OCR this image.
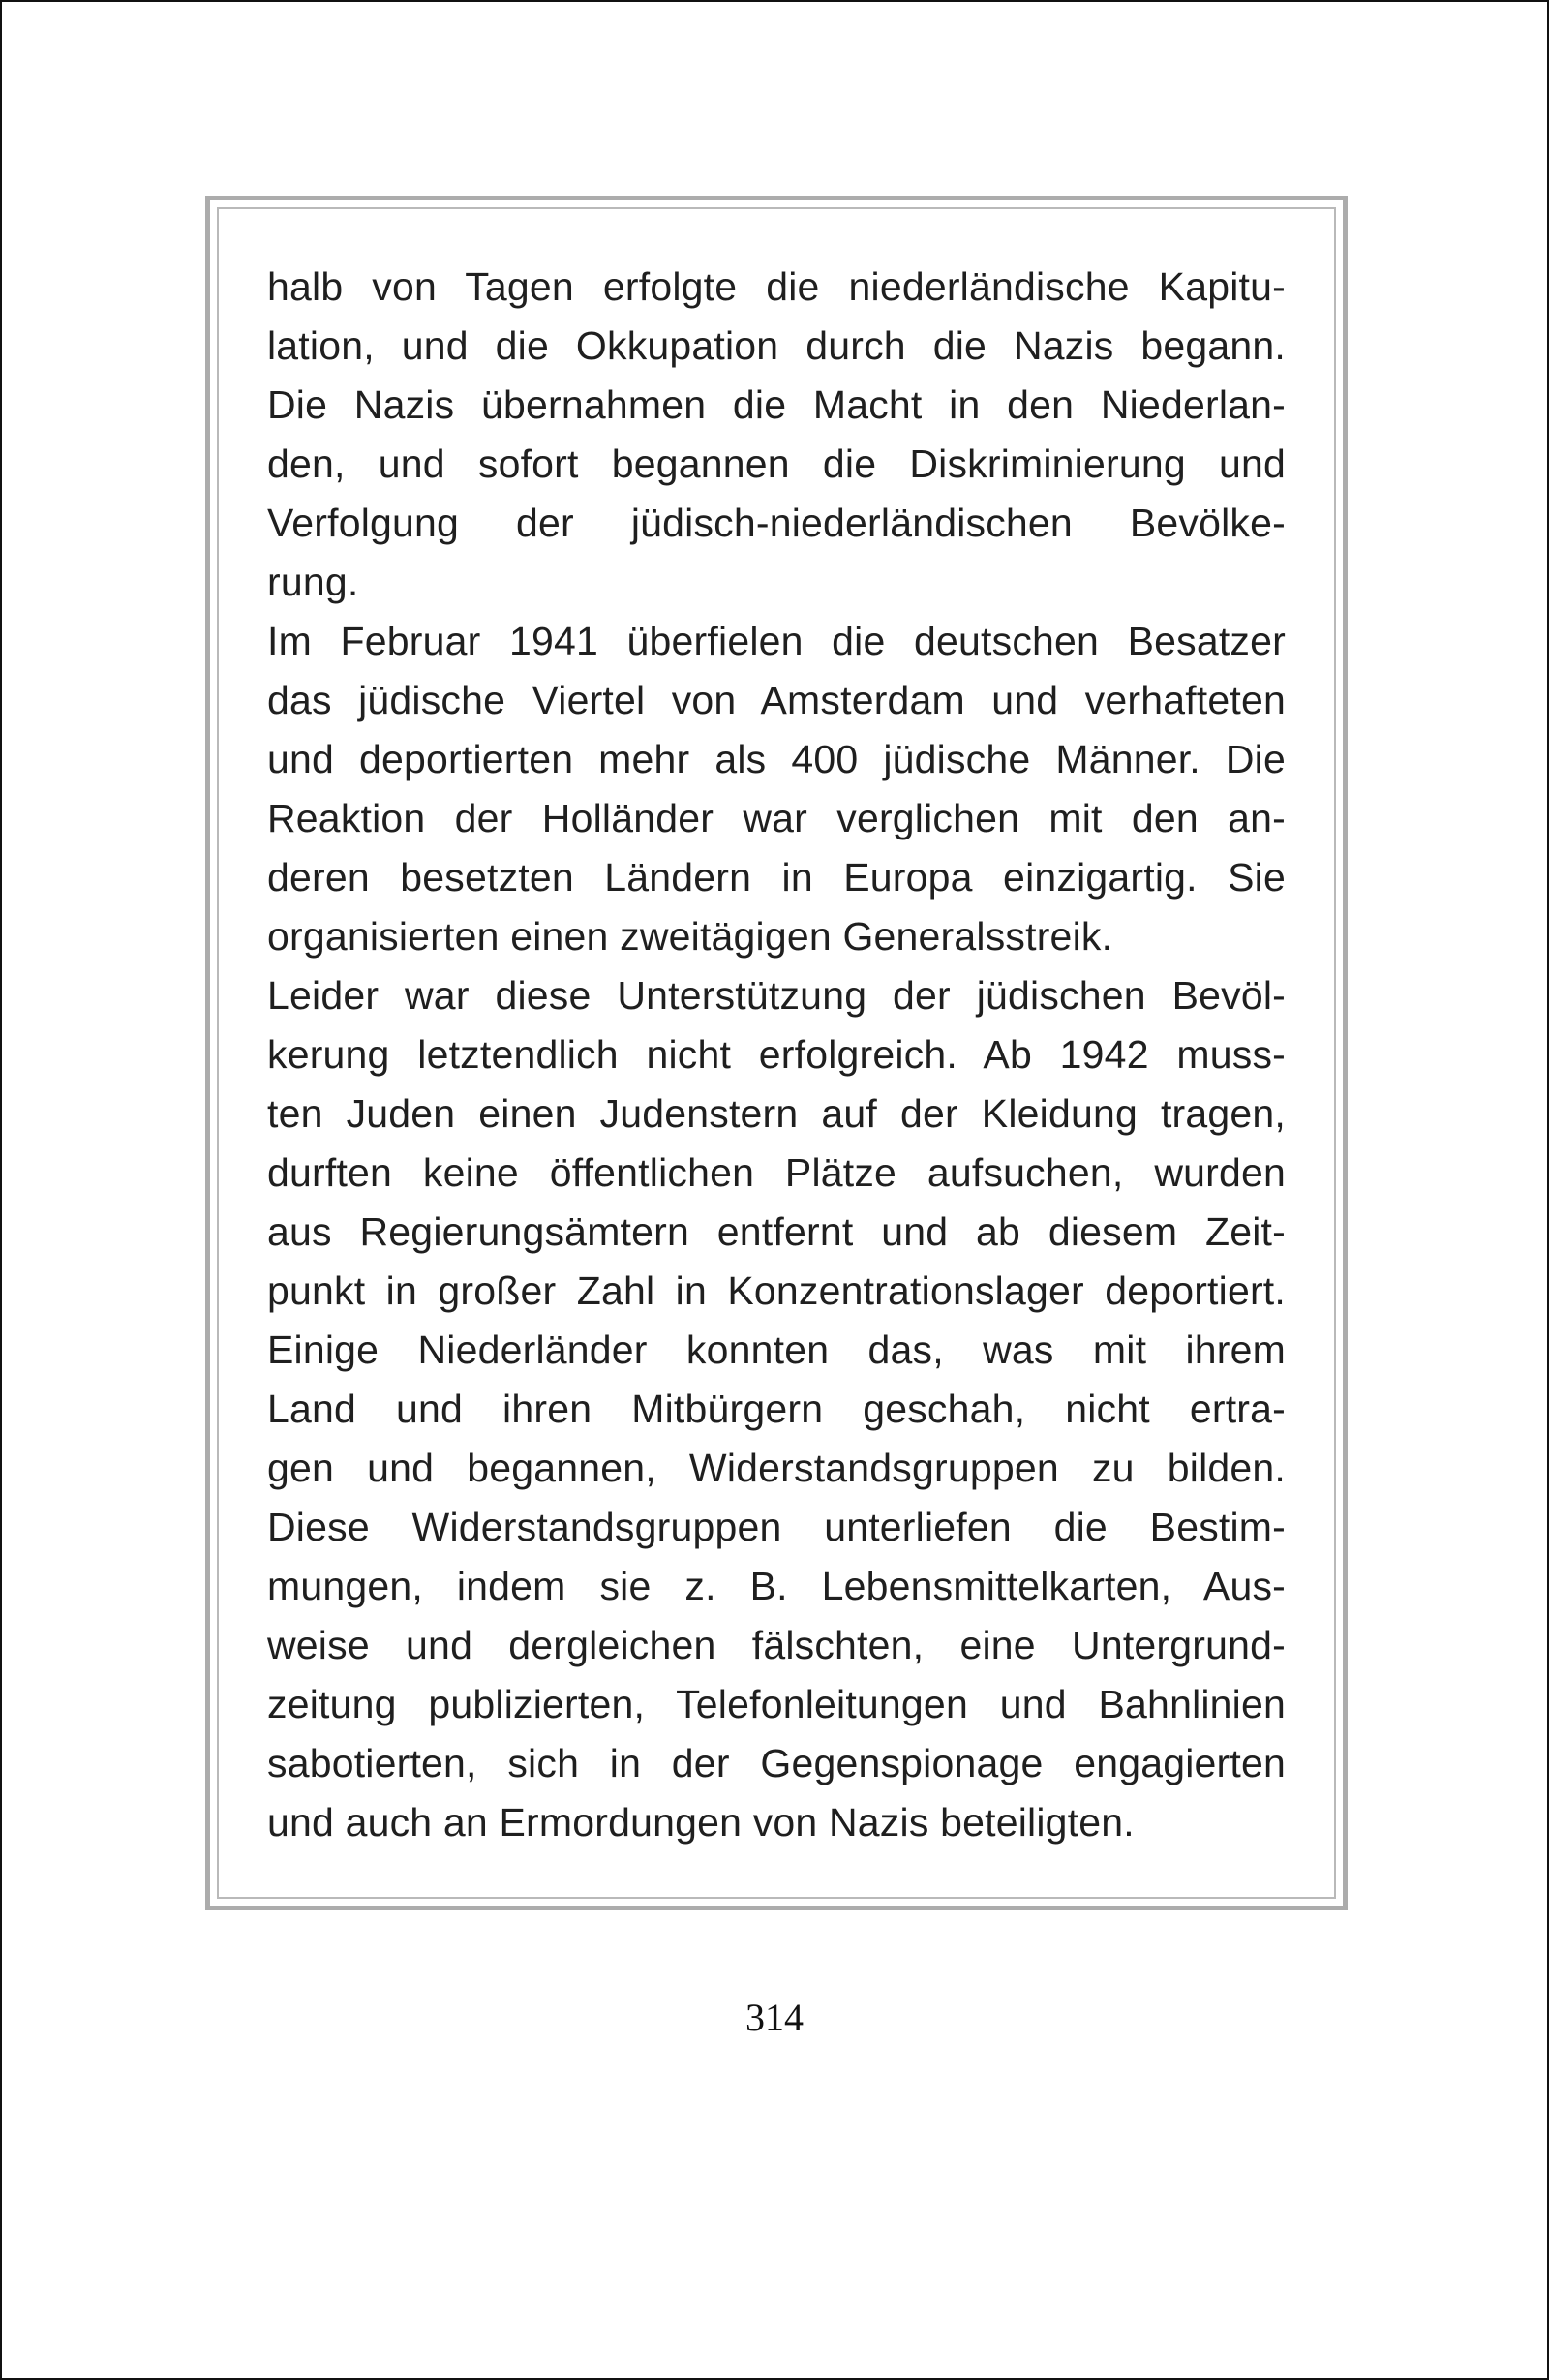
halb von Tagen erfolgte die niederländische Kapitu-
lation, und die Okkupation durch die Nazis begann.
Die Nazis übernahmen die Macht in den Niederlan-
den, und sofort begannen die Diskriminierung und
Verfolgung der jüdisch-niederländischen Bevölke-
rung.
Im Februar 1941 überfielen die deutschen Besatzer
das jüdische Viertel von Amsterdam und verhafteten
und deportierten mehr als 400 jüdische Männer. Die
Reaktion der Holländer war verglichen mit den an-
deren besetzten Ländern in Europa einzigartig. Sie
organisierten einen zweitägigen Generalsstreik.
Leider war diese Unterstützung der jüdischen Bevöl-
kerung letztendlich nicht erfolgreich. Ab 1942 muss-
ten Juden einen Judenstern auf der Kleidung tragen,
durften keine öffentlichen Plätze aufsuchen, wurden
aus Regierungsämtern entfernt und ab diesem Zeit-
punkt in großer Zahl in Konzentrationslager deportiert.
Einige Niederländer konnten das, was mit ihrem
Land und ihren Mitbürgern geschah, nicht ertra-
gen und begannen, Widerstandsgruppen zu bilden.
Diese Widerstandsgruppen unterliefen die Bestim-
mungen, indem sie z. B. Lebensmittelkarten, Aus-
weise und dergleichen fälschten, eine Untergrund-
zeitung publizierten, Telefonleitungen und Bahnlinien
sabotierten, sich in der Gegenspionage engagierten
und auch an Ermordungen von Nazis beteiligten.
314
